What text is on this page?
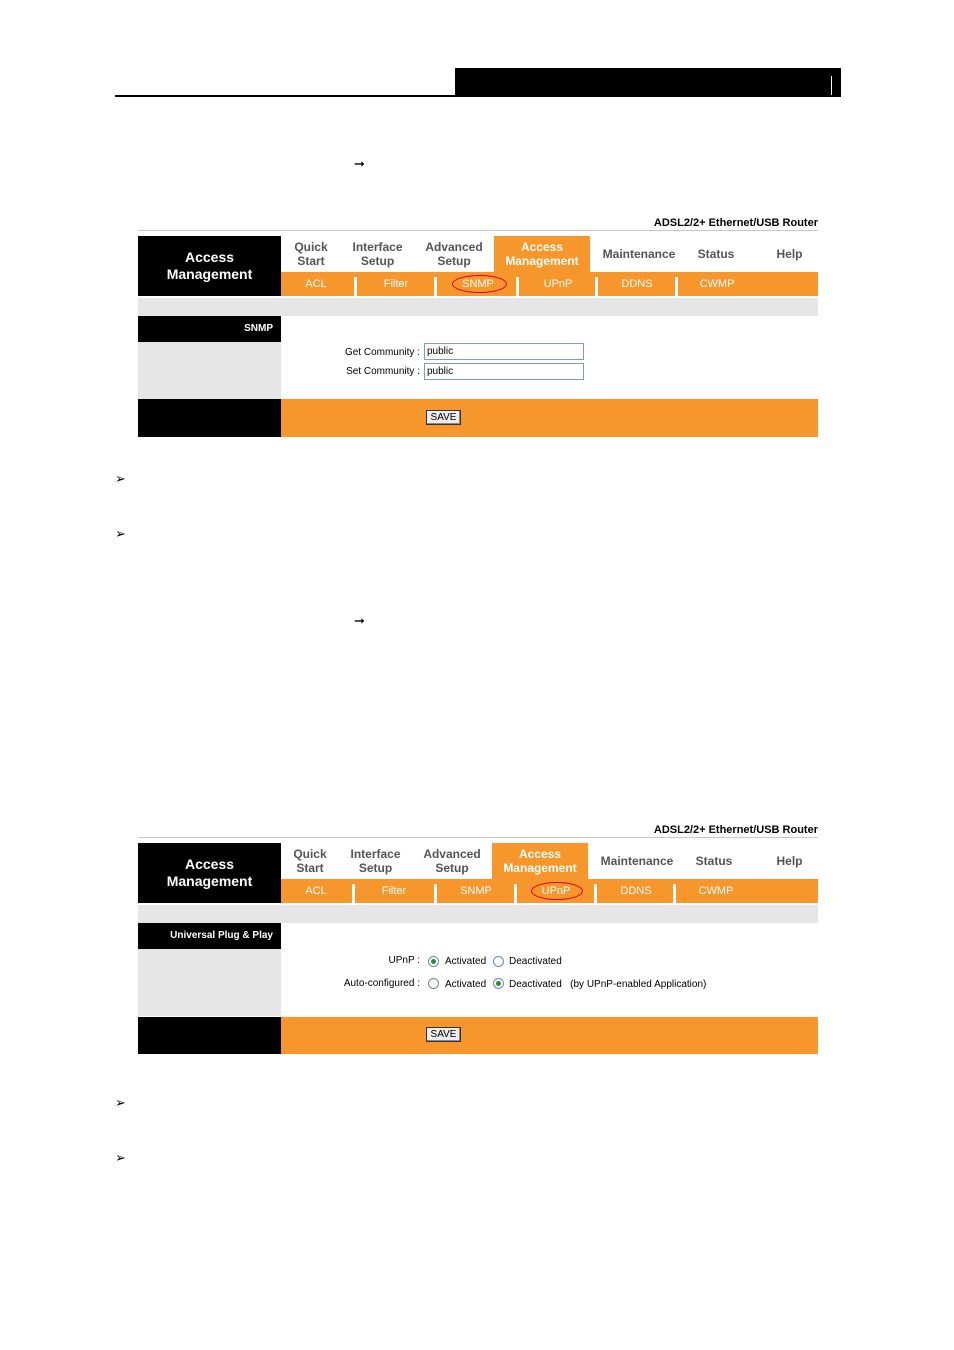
➞
ADSL2/2+ Ethernet/USB Router
Access
Management
Quick
Start
Interface
Setup
Advanced
Setup
Access
Management Maintenance Status	Help
ACL	Filter	SNMP	UPnP	DDNS	CWMP
SNMP
Get Community : public
Set Community : public
SAVE
➢
➢
➞
ADSL2/2+ Ethernet/USB Router
Access
Management
Quick
Start
Interface
Setup
Advanced
Setup
Access
Management Maintenance Status	Help
ACL	Filter	SNMP	UPnP	DDNS	CWMP
Universal Plug & Play
UPnP :	Activated Deactivated
Auto-configured :	Activated Deactivated   (by UPnP-enabled Application)
SAVE
➢
➢
